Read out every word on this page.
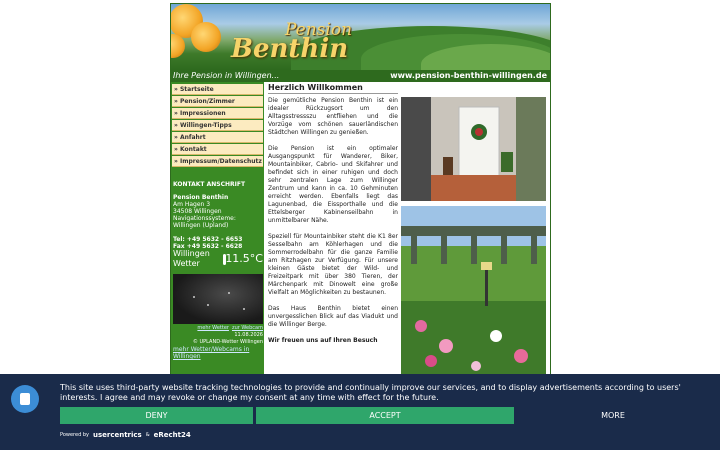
Pension
Benthin
Ihre Pension in Willingen...	www.pension-benthin-willingen.de
» Startseite
» Pension/Zimmer
» Impressionen
» Willingen-Tipps
» Anfahrt
» Kontakt
» Impressum/Datenschutz
KONTAKT ANSCHRIFT
Pension Benthin
Am Hagen 3
34508 Willingen
Navigationssysteme:
Willingen (Upland)
Tel: +49 5632 - 6653
Fax +49 5632 - 6628
Willingen
Wetter	11.5°C
mehr Wetter zur Webcam
11.08.2026
© UPLAND-Wetter Willingen
mehr Wetter/Webcams in Willingen
Herzlich Willkommen

Die gemütliche Pension Benthin ist ein idealer Rückzugsort um den Alltagsstressszu entfliehen und die Vorzüge vom schönen sauerländischen Städtchen Willingen zu genießen.

Die Pension ist ein optimaler Ausgangspunkt für Wanderer, Biker, Mountainbiker, Cabrio- und Skifahrer und befindet sich in einer ruhigen und doch sehr zentralen Lage zum Willinger Zentrum und kann in ca. 10 Gehminuten erreicht werden. Ebenfalls liegt das Lagunenbad, die Eissporthalle und die Ettelsberger Kabinenseilbahn in unmittelbarer Nähe.

Speziell für Mountainbiker steht die K1 8er Sesselbahn am Köhlerhagen und die Sommerrodelbahn für die ganze Familie am Ritzhagen zur Verfügung. Für unsere kleinen Gäste bietet der Wild- und Freizeitpark mit über 380 Tieren, der Märchenpark mit Dinowelt eine große Vielfalt an Möglichkeiten zu bestaunen.

Das Haus Benthin bietet einen unvergesslichen Blick auf das Viadukt und die Willinger Berge.

Wir freuen uns auf Ihren Besuch

This site uses third-party website tracking technologies to provide and continually improve our services, and to display advertisements according to users' interests. I agree and may revoke or change my consent at any time with effect for the future.
DENY	ACCEPT	MORE
Powered by usercentrics & eRecht24
